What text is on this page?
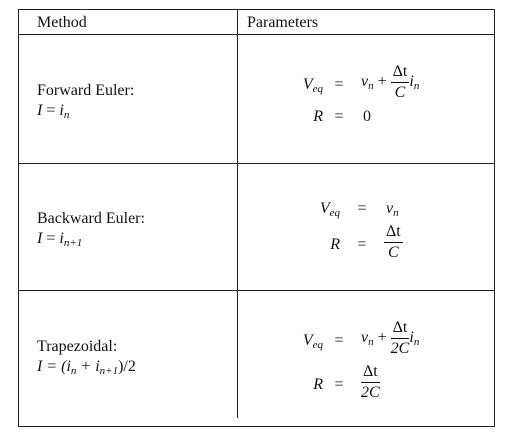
Method	Parameters
Forward Euler:
$I = i_n$
$V_{eq}$ =	$v_n + \frac{\Delta t}{C} i_n$
R =	0
Backward Euler:
$I = i_{n+1}$
$V_{eq}$	=	$v_n$
R	=	$\frac{\Delta t}{C}$
Trapezoidal:
$I = (i_n + i_{n+1})/2$
$V_{eq}$ =	$v_n + \frac{\Delta t}{2C} i_n$
R =	$\frac{\Delta t}{2C}$
